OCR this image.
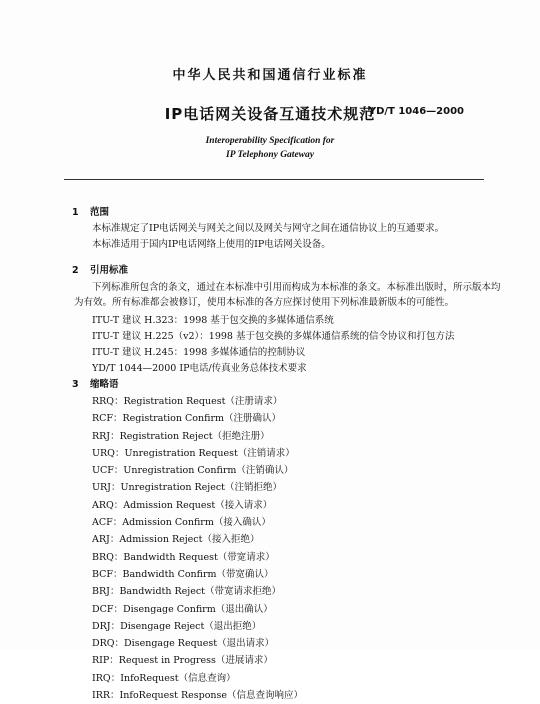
中华人民共和国通信行业标准
IP电话网关设备互通技术规范
YD/T 1046—2000
Interoperability Specification for
IP Telephony Gateway
1 范围
本标准规定了IP电话网关与网关之间以及网关与网守之间在通信协议上的互通要求。
本标准适用于国内IP电话网络上使用的IP电话网关设备。
2 引用标准
下列标准所包含的条文，通过在本标准中引用而构成为本标准的条文。本标准出版时，所示版本均
为有效。所有标准都会被修订，使用本标准的各方应探讨使用下列标准最新版本的可能性。
ITU-T 建议 H.323：1998 基于包交换的多媒体通信系统
ITU-T 建议 H.225（v2）：1998 基于包交换的多媒体通信系统的信令协议和打包方法
ITU-T 建议 H.245：1998 多媒体通信的控制协议
YD/T 1044—2000 IP电话/传真业务总体技术要求
3 缩略语
RRQ：Registration Request（注册请求）
RCF：Registration Confirm（注册确认）
RRJ：Registration Reject（拒绝注册）
URQ：Unregistration Request（注销请求）
UCF：Unregistration Confirm（注销确认）
URJ：Unregistration Reject（注销拒绝）
ARQ：Admission Request（接入请求）
ACF：Admission Confirm（接入确认）
ARJ：Admission Reject（接入拒绝）
BRQ：Bandwidth Request（带宽请求）
BCF：Bandwidth Confirm（带宽确认）
BRJ：Bandwidth Reject（带宽请求拒绝）
DCF：Disengage Confirm（退出确认）
DRJ：Disengage Reject（退出拒绝）
DRQ：Disengage Request（退出请求）
RIP：Request in Progress（进展请求）
IRQ：InfoRequest（信息查询）
IRR：InfoRequest Response（信息查询响应）
